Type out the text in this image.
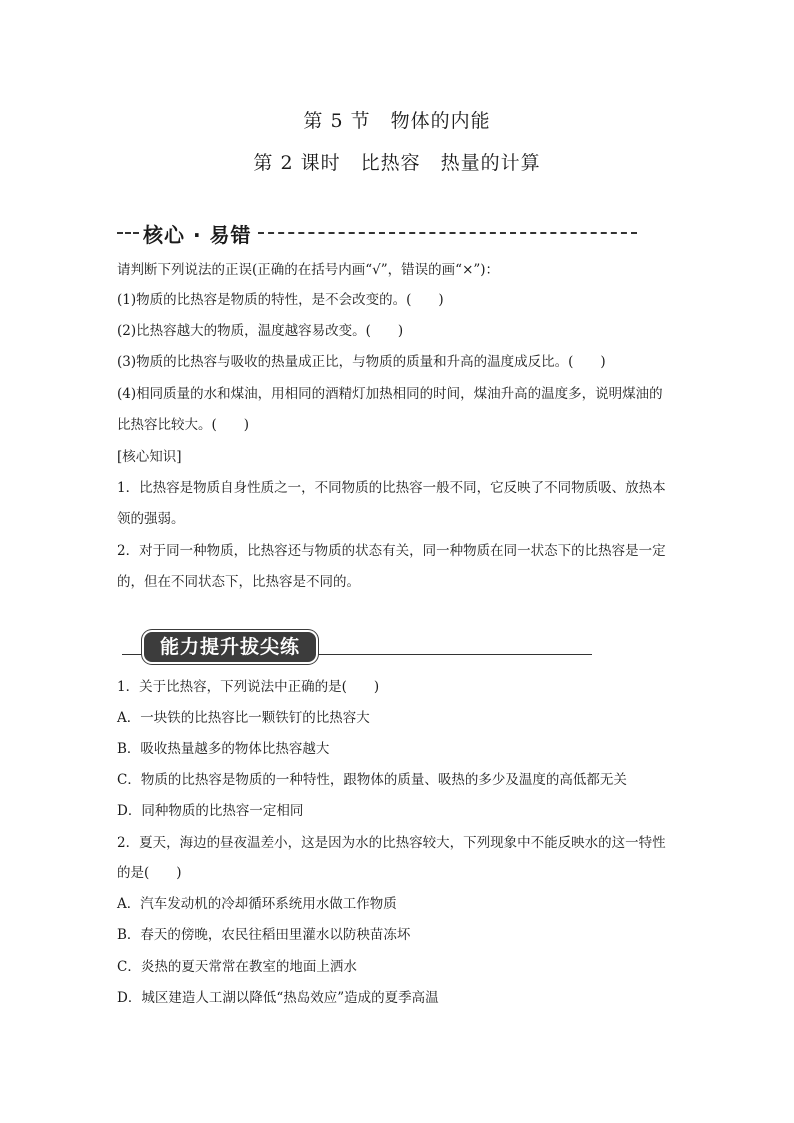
第 5 节　物体的内能
第 2 课时　比热容　热量的计算
核心 · 易错
请判断下列说法的正误(正确的在括号内画“√”，错误的画“×”)：
(1)物质的比热容是物质的特性，是不会改变的。(　　)
(2)比热容越大的物质，温度越容易改变。(　　)
(3)物质的比热容与吸收的热量成正比，与物质的质量和升高的温度成反比。(　　)
(4)相同质量的水和煤油，用相同的酒精灯加热相同的时间，煤油升高的温度多，说明煤油的
比热容比较大。(　　)
[核心知识]
1．比热容是物质自身性质之一，不同物质的比热容一般不同，它反映了不同物质吸、放热本
领的强弱。
2．对于同一种物质，比热容还与物质的状态有关，同一种物质在同一状态下的比热容是一定
的，但在不同状态下，比热容是不同的。
能力提升拔尖练
1．关于比热容，下列说法中正确的是(　　)
A．一块铁的比热容比一颗铁钉的比热容大
B．吸收热量越多的物体比热容越大
C．物质的比热容是物质的一种特性，跟物体的质量、吸热的多少及温度的高低都无关
D．同种物质的比热容一定相同
2．夏天，海边的昼夜温差小，这是因为水的比热容较大，下列现象中不能反映水的这一特性
的是(　　)
A．汽车发动机的冷却循环系统用水做工作物质
B．春天的傍晚，农民往稻田里灌水以防秧苗冻坏
C．炎热的夏天常常在教室的地面上洒水
D．城区建造人工湖以降低“热岛效应”造成的夏季高温
